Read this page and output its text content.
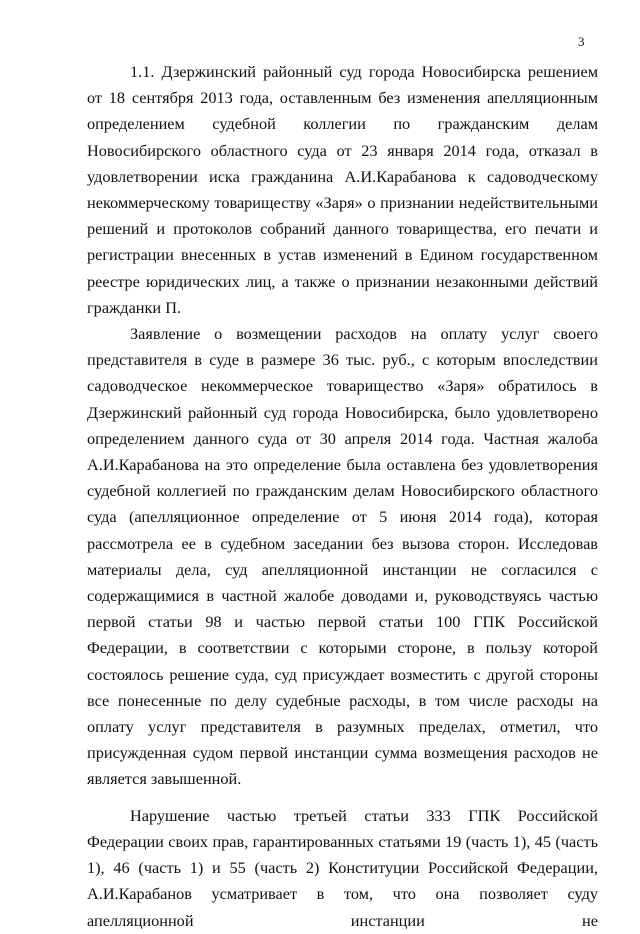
3

1.1. Дзержинский районный суд города Новосибирска решением от 18 сентября 2013 года, оставленным без изменения апелляционным определением судебной коллегии по гражданским делам Новосибирского областного суда от 23 января 2014 года, отказал в удовлетворении иска гражданина А.И.Карабанова к садоводческому некоммерческому товариществу «Заря» о признании недействительными решений и протоколов собраний данного товарищества, его печати и регистрации внесенных в устав изменений в Едином государственном реестре юридических лиц, а также о признании незаконными действий гражданки П.

Заявление о возмещении расходов на оплату услуг своего представителя в суде в размере 36 тыс. руб., с которым впоследствии садоводческое некоммерческое товарищество «Заря» обратилось в Дзержинский районный суд города Новосибирска, было удовлетворено определением данного суда от 30 апреля 2014 года. Частная жалоба А.И.Карабанова на это определение была оставлена без удовлетворения судебной коллегией по гражданским делам Новосибирского областного суда (апелляционное определение от 5 июня 2014 года), которая рассмотрела ее в судебном заседании без вызова сторон. Исследовав материалы дела, суд апелляционной инстанции не согласился с содержащимися в частной жалобе доводами и, руководствуясь частью первой статьи 98 и частью первой статьи 100 ГПК Российской Федерации, в соответствии с которыми стороне, в пользу которой состоялось решение суда, суд присуждает возместить с другой стороны все понесенные по делу судебные расходы, в том числе расходы на оплату услуг представителя в разумных пределах, отметил, что присужденная судом первой инстанции сумма возмещения расходов не является завышенной.

Нарушение частью третьей статьи 333 ГПК Российской Федерации своих прав, гарантированных статьями 19 (часть 1), 45 (часть 1), 46 (часть 1) и 55 (часть 2) Конституции Российской Федерации, А.И.Карабанов усматривает в том, что она позволяет суду апелляционной инстанции не
